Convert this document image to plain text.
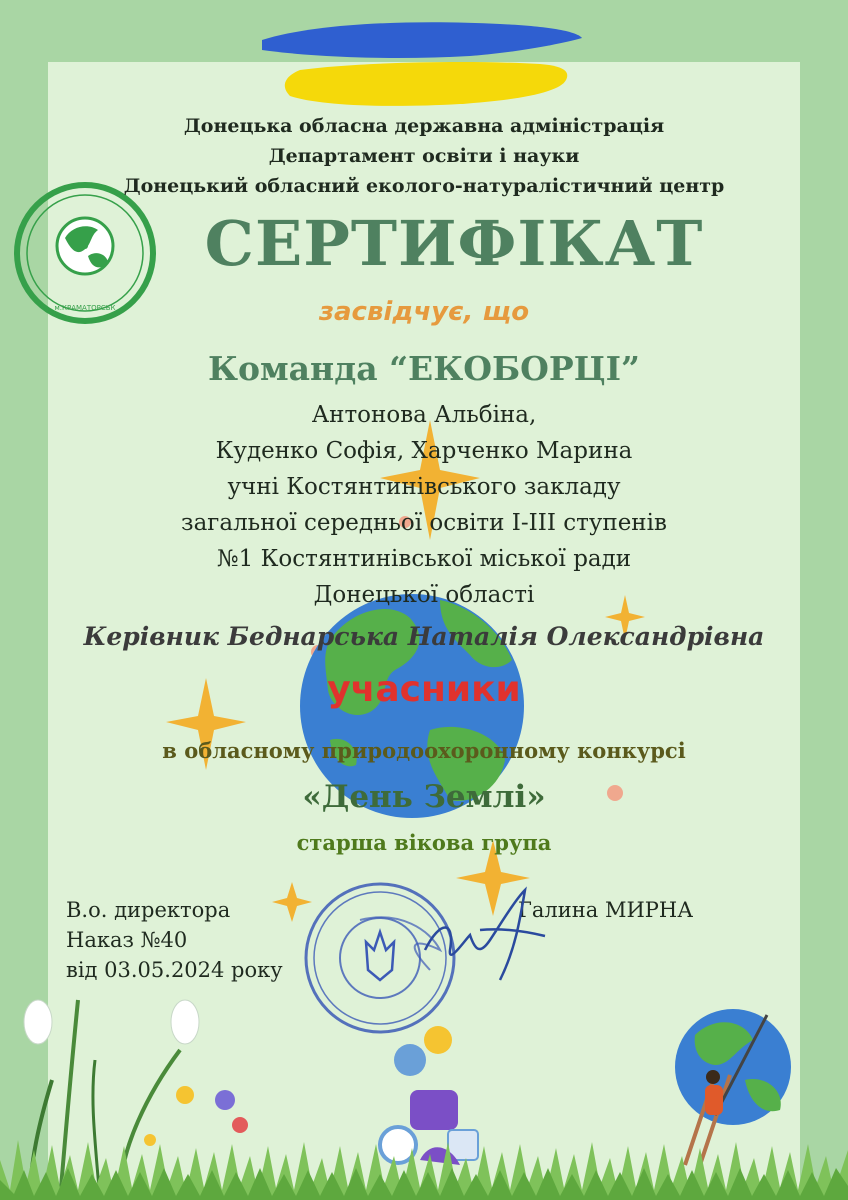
м.КРАМАТОРСЬК
Донецька обласна державна адміністрація
Департамент освіти і науки
Донецький обласний еколого-натуралістичний центр
СЕРТИФІКАТ
засвідчує, що
Команда “ЕКОБОРЦІ”
Антонова Альбіна,
Куденко Софія, Харченко Марина
учні Костянтинівського закладу
загальної середньої освіти І-ІІІ ступенів
№1 Костянтинівської міської ради
Донецької області
Керівник Беднарська Наталія Олександрівна
учасники
в обласному природоохоронному конкурсі
«День Землі»
старша вікова група
В.о. директора
Наказ №40
від 03.05.2024 року
Галина МИРНА
